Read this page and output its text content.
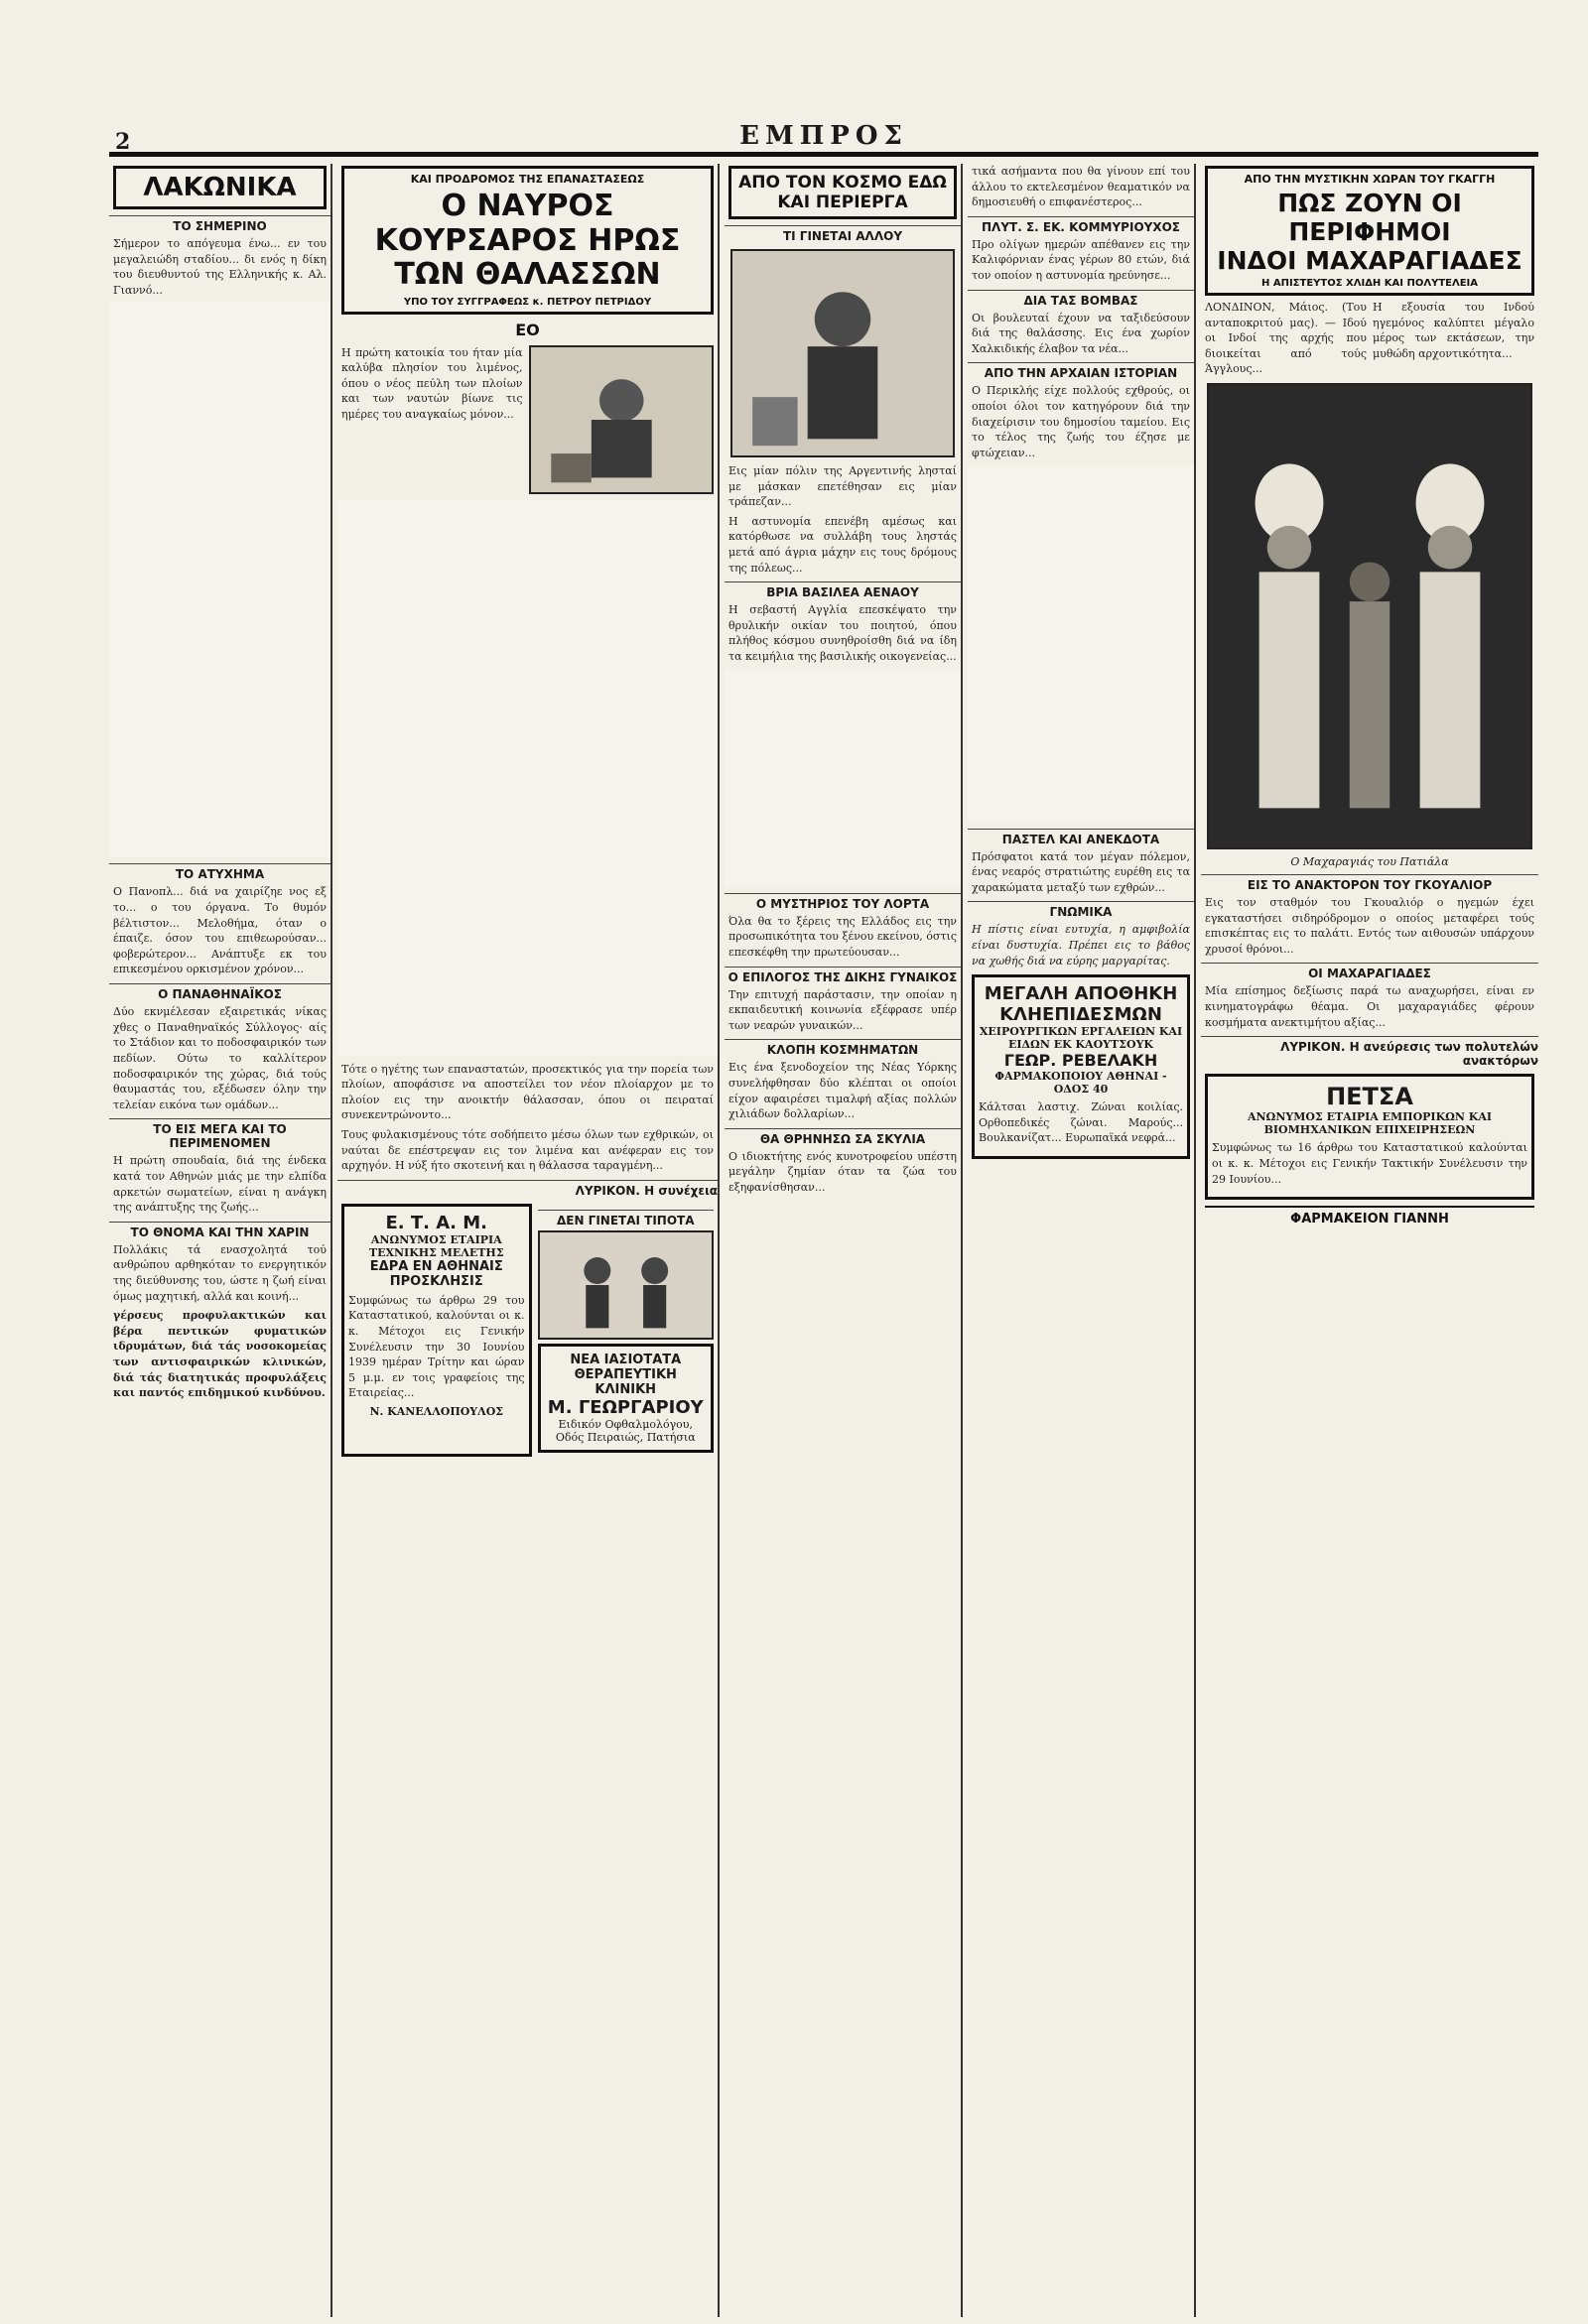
2	ΕΜΠΡΟΣ
ΛΑΚΩΝΙΚΑ
ΤΟ ΣΗΜΕΡΙΝΟ

Σήμερον το απόγευμα ένω... εν του μεγαλειώδη σταδίου... δι ενός η δίκη του διευθυντού της Ελληνικής κ. Αλ. Γιαννό...

ΤΟ ΑΤΥΧΗΜΑ

Ο Πανοπλ... διά να χαιρίζηε νος εξ το... ο του όργανα. Το θυμόν βέλτιστον... Μελοθήμα, όταν ο έπαιζε. όσον του επιθεωρούσαν... φοβερώτερον... Ανάπτυξε εκ του επικεσμένου ορκισμένον χρόνον...

Ο ΠΑΝΑΘΗΝΑΪΚΟΣ

Δύο εκνμέλεσαν εξαιρετικάς νίκας χθες ο Παναθηναϊκός Σύλλογος· αίς το Στάδιον και το ποδοσφαιρικόν των πεδίων. Ούτω το καλλίτερον ποδοσφαιρικόν της χώρας, διά τούς θαυμαστάς του, εξέδωσεν όλην την τελείαν εικόνα των ομάδων...

ΤΟ ΕΙΣ ΜΕΓΑ ΚΑΙ ΤΟ ΠΕΡΙΜΕΝΟΜΕΝ

Η πρώτη σπουδαία, διά της ένδεκα κατά τον Αθηνών μιάς με την ελπίδα αρκετών σωματείων, είναι η ανάγκη της ανάπτυξης της ζωής...

ΤΟ ΘΝΟΜΑ ΚΑΙ ΤΗΝ ΧΑΡΙΝ

Πολλάκις τά ενασχολητά τού ανθρώπου αρθηκόταν το ενεργητικόν της διεύθυνσης του, ώστε η ζωή είναι όμως μαχητική, αλλά και κοινή...

γέρσευς προφυλακτικών και βέρα πεντικών φυματικών ιδρυμάτων, διά τάς νοσοκομείας των αντισφαιρικών κλινικών, διά τάς διατητικάς προφυλάξεις και παντός επιδημικού κινδύνου.

ΚΑΙ ΠΡΟΔΡΟΜΟΣ ΤΗΣ ΕΠΑΝΑΣΤΑΣΕΩΣ
Ο ΝΑΥΡΟΣ ΚΟΥΡΣΑΡΟΣ ΗΡΩΣ ΤΩΝ ΘΑΛΑΣΣΩΝ
ΥΠΟ ΤΟΥ ΣΥΓΓΡΑΦΕΩΣ κ. ΠΕΤΡΟΥ ΠΕΤΡΙΔΟΥ
ΕΟ

Η πρώτη κατοικία του ήταν μία καλύβα πλησίον του λιμένος, όπου ο νέος πεύλη των πλοίων και των ναυτών βίωνε τις ημέρες του αναγκαίως μόνον...

Τότε ο ηγέτης των επαναστατών, προσεκτικός για την πορεία των πλοίων, αποφάσισε να αποστείλει τον νέον πλοίαρχον με το πλοίον εις την ανοικτήν θάλασσαν, όπου οι πειραταί συνεκεντρώνοντο...

Τους φυλακισμένους τότε σοδήπειτο μέσω όλων των εχθρικών, οι ναύται δε επέστρεψαν εις τον λιμένα και ανέφεραν εις τον αρχηγόν. Η νύξ ήτο σκοτεινή και η θάλασσα ταραγμένη...

ΛΥΡΙΚΟΝ. Η συνέχεια
Ε. Τ. Α. Μ.
ΑΝΩΝΥΜΟΣ ΕΤΑΙΡΙΑ ΤΕΧΝΙΚΗΣ ΜΕΛΕΤΗΣ
ΕΔΡΑ ΕΝ ΑΘΗΝΑΙΣ
ΠΡΟΣΚΛΗΣΙΣ

Συμφώνως τω άρθρω 29 του Καταστατικού, καλούνται οι κ. κ. Μέτοχοι εις Γενικήν Συνέλευσιν την 30 Ιουνίου 1939 ημέραν Τρίτην και ώραν 5 μ.μ. εν τοις γραφείοις της Εταιρείας...

Ν. ΚΑΝΕΛΛΟΠΟΥΛΟΣ
ΔΕΝ ΓΙΝΕΤΑΙ ΤΙΠΟΤΑ
ΝΕΑ ΙΑΣΙΟΤΑΤΑ ΘΕΡΑΠΕΥΤΙΚΗ ΚΛΙΝΙΚΗ
Μ. ΓΕΩΡΓΑΡΙΟΥ
Ειδικόν Οφθαλμολόγου, Οδός Πειραιώς, Πατήσια
ΑΠΟ ΤΟΝ ΚΟΣΜΟ ΕΔΩ ΚΑΙ ΠΕΡΙΕΡΓΑ
ΤΙ ΓΙΝΕΤΑΙ ΑΛΛΟΥ

Εις μίαν πόλιν της Αργεντινής λησταί με μάσκαν επετέθησαν εις μίαν τράπεζαν...

Η αστυνομία επενέβη αμέσως και κατόρθωσε να συλλάβη τους ληστάς μετά από άγρια μάχην εις τους δρόμους της πόλεως...

ΒΡΙΑ ΒΑΣΙΛΕΑ ΑΕΝΑΟΥ

Η σεβαστή Αγγλία επεσκέψατο την θρυλικήν οικίαν του ποιητού, όπου πλήθος κόσμου συνηθροίσθη διά να ίδη τα κειμήλια της βασιλικής οικογενείας...

Ο ΜΥΣΤΗΡΙΟΣ ΤΟΥ ΛΟΡΤΑ

Όλα θα το ξέρεις της Ελλάδος εις την προσωπικότητα του ξένου εκείνου, όστις επεσκέφθη την πρωτεύουσαν...

Ο ΕΠΙΛΟΓΟΣ ΤΗΣ ΔΙΚΗΣ ΓΥΝΑΙΚΟΣ

Την επιτυχή παράστασιν, την οποίαν η εκπαιδευτική κοινωνία εξέφρασε υπέρ των νεαρών γυναικών...

ΚΛΟΠΗ ΚΟΣΜΗΜΑΤΩΝ

Εις ένα ξενοδοχείον της Νέας Υόρκης συνελήφθησαν δύο κλέπται οι οποίοι είχον αφαιρέσει τιμαλφή αξίας πολλών χιλιάδων δολλαρίων...

ΘΑ ΘΡΗΝΗΣΩ ΣΑ ΣΚΥΛΙΑ

Ο ιδιοκτήτης ενός κυνοτροφείου υπέστη μεγάλην ζημίαν όταν τα ζώα του εξηφανίσθησαν...

τικά ασήμαντα που θα γίνουν επί του άλλου το εκτελεσμένον θεαματικόν να δημοσιευθή ο επιφανέστερος...

ΠΛΥΤ. Σ. ΕΚ. ΚΟΜΜΥΡΙΟΥΧΟΣ

Προ ολίγων ημερών απέθανεν εις την Καλιφόρνιαν ένας γέρων 80 ετών, διά τον οποίον η αστυνομία ηρεύνησε...

ΔΙΑ ΤΑΣ ΒΟΜΒΑΣ

Οι βουλευταί έχουν να ταξιδεύσουν διά της θαλάσσης. Εις ένα χωρίον Χαλκιδικής έλαβον τα νέα...

ΑΠΟ ΤΗΝ ΑΡΧΑΙΑΝ ΙΣΤΟΡΙΑΝ

Ο Περικλής είχε πολλούς εχθρούς, οι οποίοι όλοι τον κατηγόρουν διά την διαχείρισιν του δημοσίου ταμείου. Εις το τέλος της ζωής του έζησε με φτώχειαν...

ΠΑΣΤΕΛ ΚΑΙ ΑΝΕΚΔΟΤΑ

Πρόσφατοι κατά τον μέγαν πόλεμον, ένας νεαρός στρατιώτης ευρέθη εις τα χαρακώματα μεταξύ των εχθρών...

ΓΝΩΜΙΚΑ

Η πίστις είναι ευτυχία, η αμφιβολία είναι δυστυχία. Πρέπει εις το βάθος να χωθής διά να εύρης μαργαρίτας.

ΜΕΓΑΛΗ ΑΠΟΘΗΚΗ ΚΛΗΕΠΙΔΕΣΜΩΝ
ΧΕΙΡΟΥΡΓΙΚΩΝ ΕΡΓΑΛΕΙΩΝ ΚΑΙ ΕΙΔΩΝ ΕΚ ΚΑΟΥΤΣΟΥΚ
ΓΕΩΡ. ΡΕΒΕΛΑΚΗ
ΦΑΡΜΑΚΟΠΟΙΟΥ ΑΘΗΝΑΙ - ΟΔΟΣ 40

Κάλτσαι λαστιχ. Ζώναι κοιλίας. Ορθοπεδικές ζώναι. Μαρούς... Βουλκανίζατ... Ευρωπαϊκά νεφρά...

ΑΠΟ ΤΗΝ ΜΥΣΤΙΚΗΝ ΧΩΡΑΝ ΤΟΥ ΓΚΑΓΓΗ
ΠΩΣ ΖΟΥΝ ΟΙ ΠΕΡΙΦΗΜΟΙ
ΙΝΔΟΙ ΜΑΧΑΡΑΓΙΑΔΕΣ
Η ΑΠΙΣΤΕΥΤΟΣ ΧΛΙΔΗ ΚΑΙ ΠΟΛΥΤΕΛΕΙΑ

ΛΟΝΔΙΝΟΝ, Μάιος. (Του ανταποκριτού μας). — Ιδού οι Ινδοί της αρχής που διοικείται από τούς Άγγλους...

Η εξουσία του Ινδού ηγεμόνος καλύπτει μέγαλο μέρος των εκτάσεων, την μυθώδη αρχοντικότητα...

Ο Μαχαραγιάς του Πατιάλα
ΕΙΣ ΤΟ ΑΝΑΚΤΟΡΟΝ ΤΟΥ ΓΚΟΥΑΛΙΟΡ

Εις τον σταθμόν του Γκουαλιόρ ο ηγεμών έχει εγκαταστήσει σιδηρόδρομον ο οποίος μεταφέρει τούς επισκέπτας εις το παλάτι. Εντός των αιθουσών υπάρχουν χρυσοί θρόνοι...

ΟΙ ΜΑΧΑΡΑΓΙΑΔΕΣ

Μία επίσημος δεξίωσις παρά τω αναχωρήσει, είναι εν κινηματογράφω θέαμα. Οι μαχαραγιάδες φέρουν κοσμήματα ανεκτιμήτου αξίας...

ΛΥΡΙΚΟΝ. Η ανεύρεσις των πολυτελών ανακτόρων
ΠΕΤΣΑ
ΑΝΩΝΥΜΟΣ ΕΤΑΙΡΙΑ ΕΜΠΟΡΙΚΩΝ ΚΑΙ ΒΙΟΜΗΧΑΝΙΚΩΝ ΕΠΙΧΕΙΡΗΣΕΩΝ

Συμφώνως τω 16 άρθρω του Καταστατικού καλούνται οι κ. κ. Μέτοχοι εις Γενικήν Τακτικήν Συνέλευσιν την 29 Ιουνίου...

ΦΑΡΜΑΚΕΙΟΝ ΓΙΑΝΝΗ
